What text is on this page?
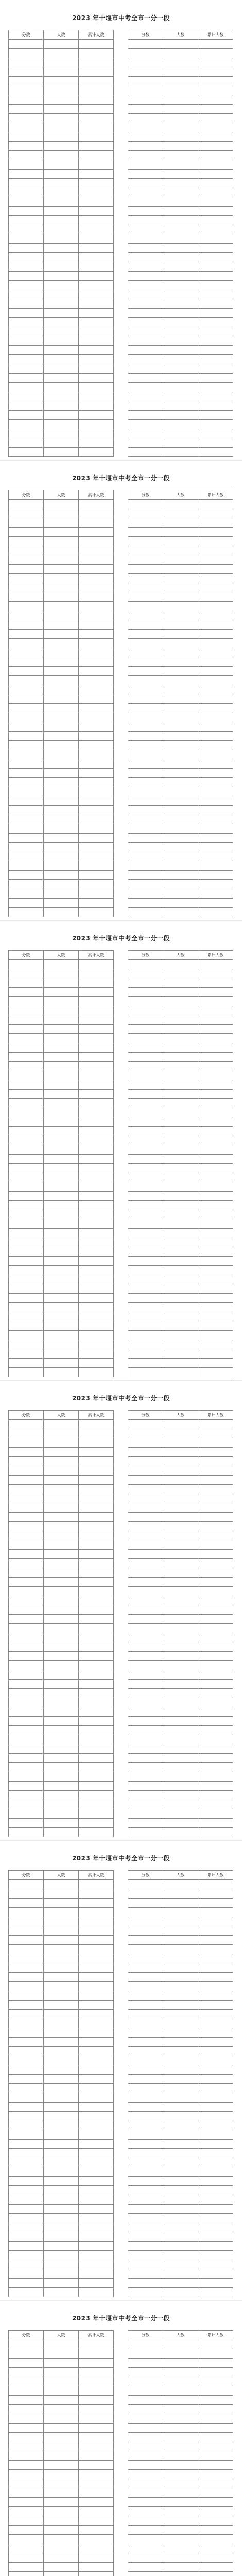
2023 年十堰市中考全市一分一段
分数	人数	累计人数

			分数	人数	累计人数

2023 年十堰市中考全市一分一段
分数	人数	累计人数

			分数	人数	累计人数

2023 年十堰市中考全市一分一段
分数	人数	累计人数

			分数	人数	累计人数

2023 年十堰市中考全市一分一段
分数	人数	累计人数

			分数	人数	累计人数

2023 年十堰市中考全市一分一段
分数	人数	累计人数

			分数	人数	累计人数

2023 年十堰市中考全市一分一段
分数	人数	累计人数

			分数	人数	累计人数
